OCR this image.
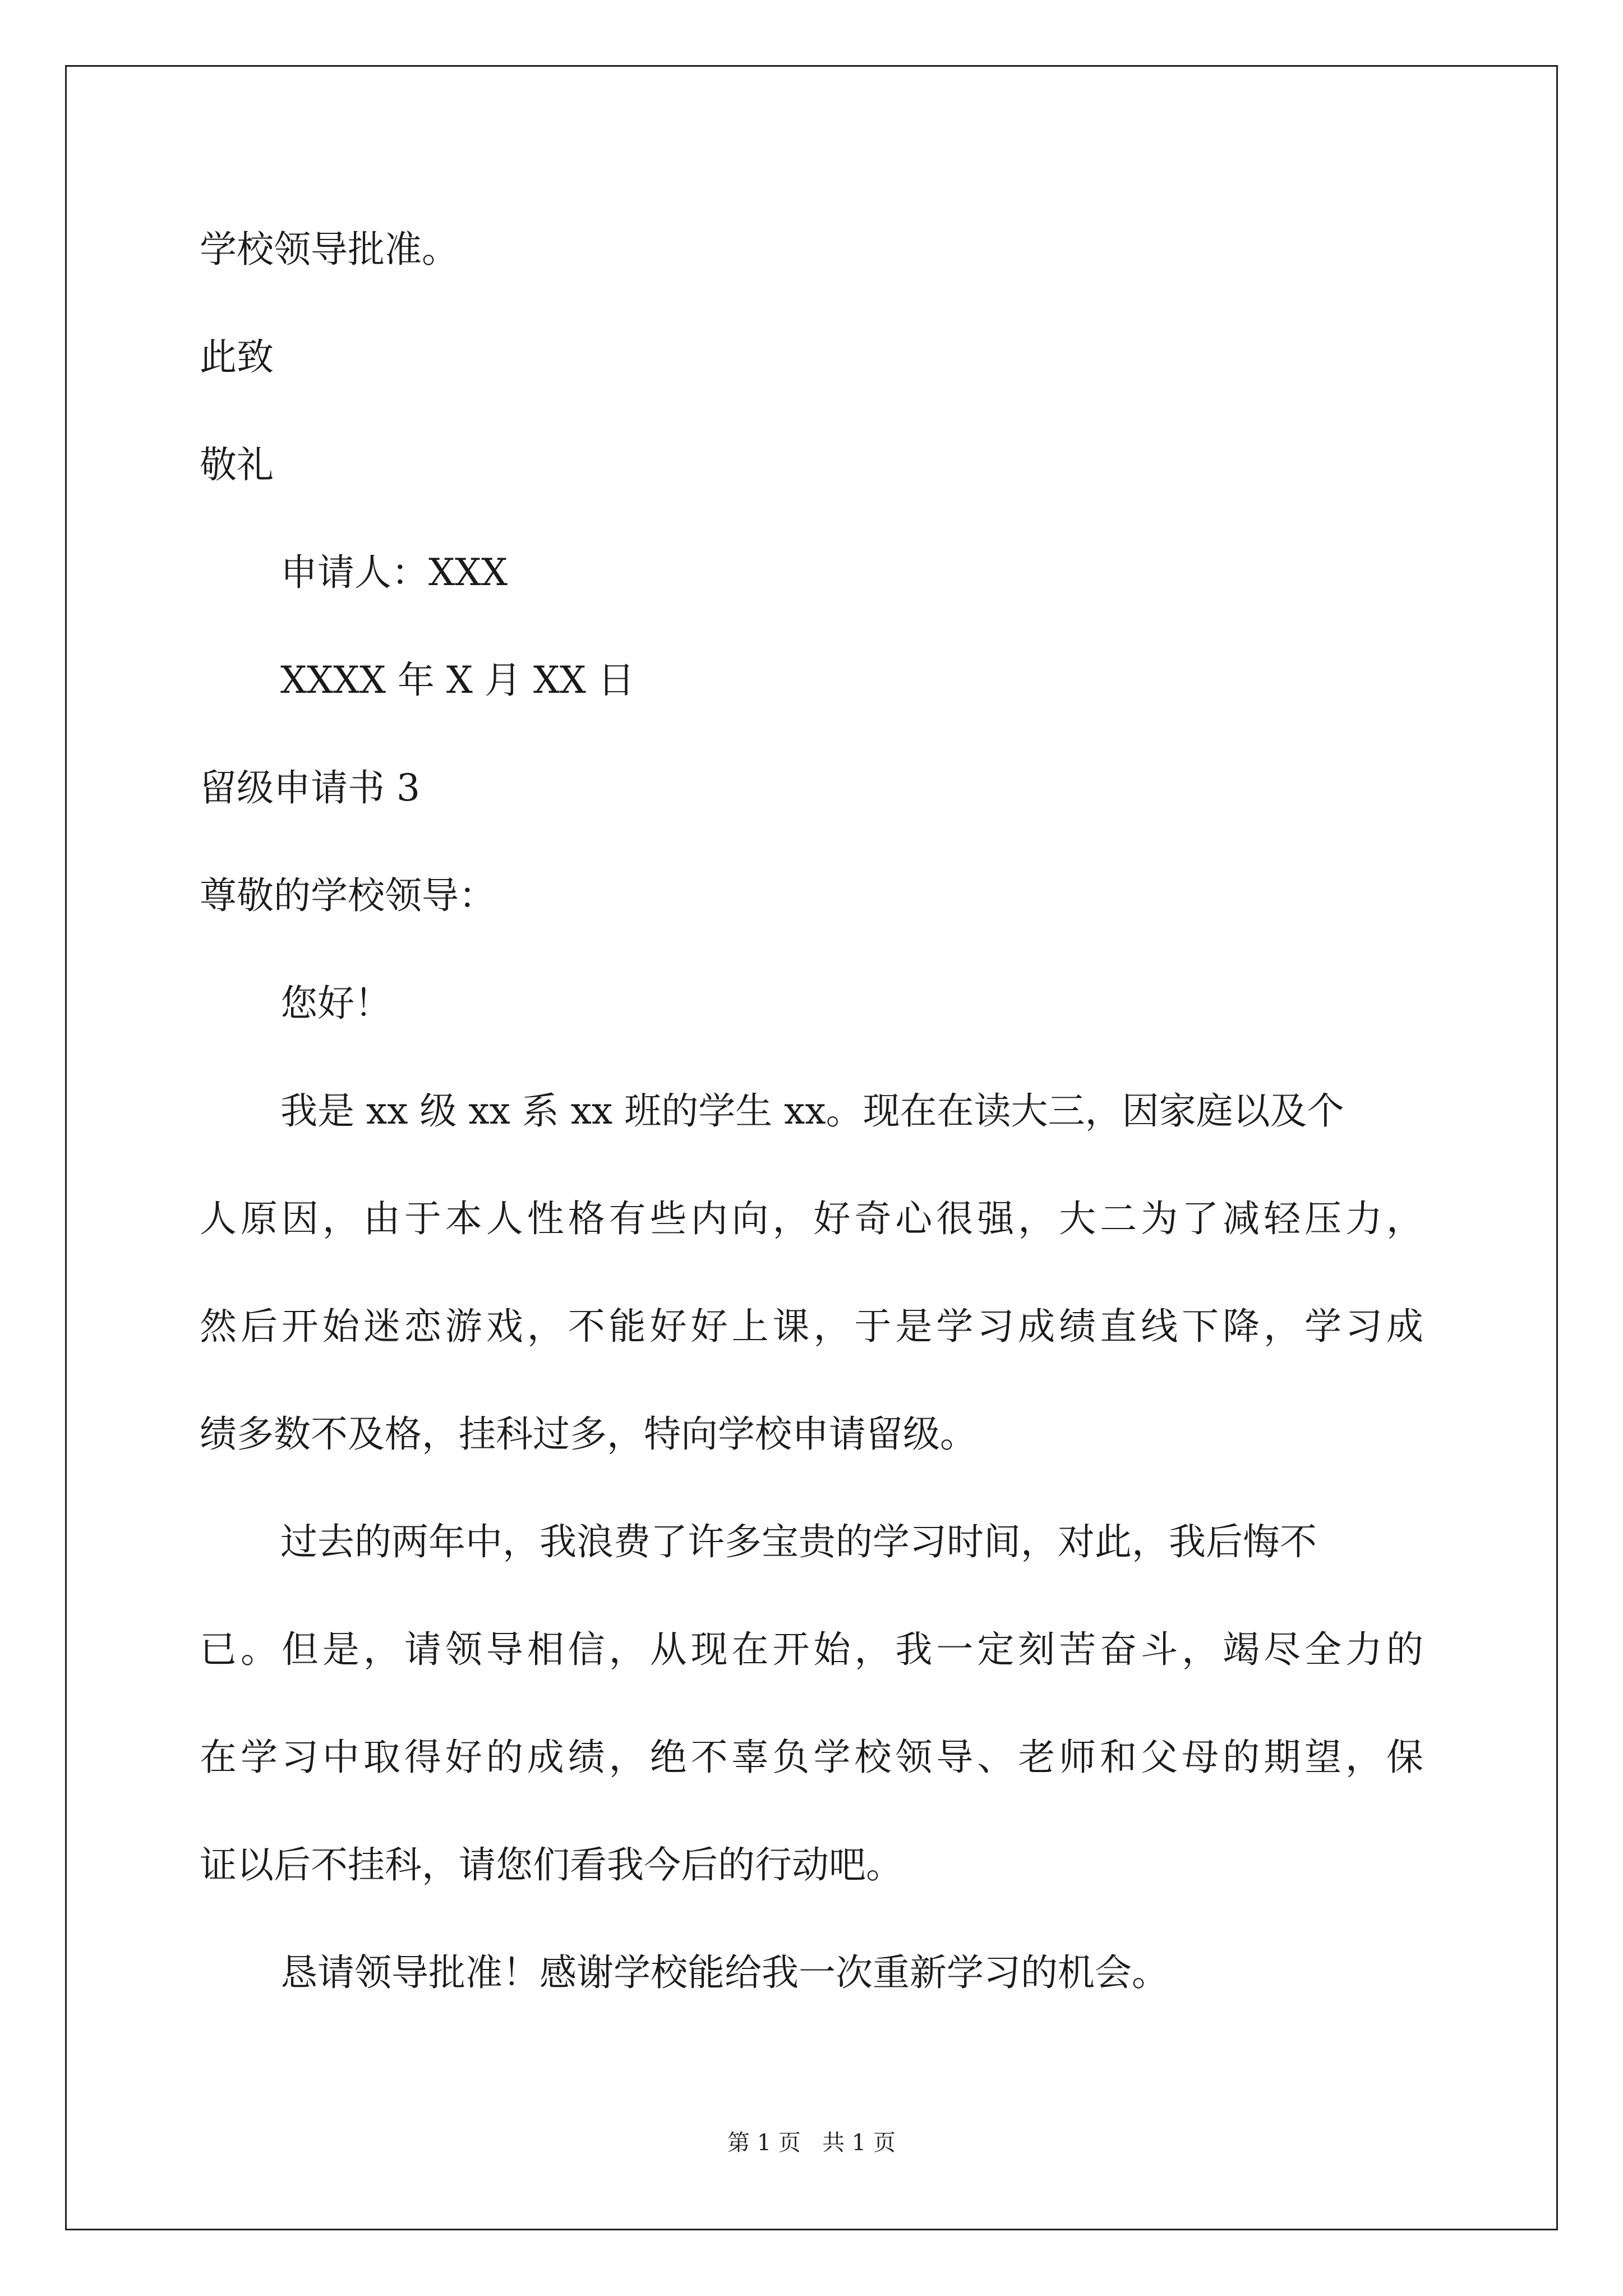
学校领导批准。

此致

敬礼

申请人：XXX

XXXX 年 X 月 XX 日

留级申请书 3

尊敬的学校领导：

您好！

我是 xx 级 xx 系 xx 班的学生 xx。现在在读大三，因家庭以及个

人原因，由于本人性格有些内向，好奇心很强，大二为了减轻压力，

然后开始迷恋游戏，不能好好上课，于是学习成绩直线下降，学习成

绩多数不及格，挂科过多，特向学校申请留级。

过去的两年中，我浪费了许多宝贵的学习时间，对此，我后悔不

已。但是，请领导相信，从现在开始，我一定刻苦奋斗，竭尽全力的

在学习中取得好的成绩，绝不辜负学校领导、老师和父母的期望，保

证以后不挂科，请您们看我今后的行动吧。

恳请领导批准！感谢学校能给我一次重新学习的机会。

第 1 页   共 1 页
